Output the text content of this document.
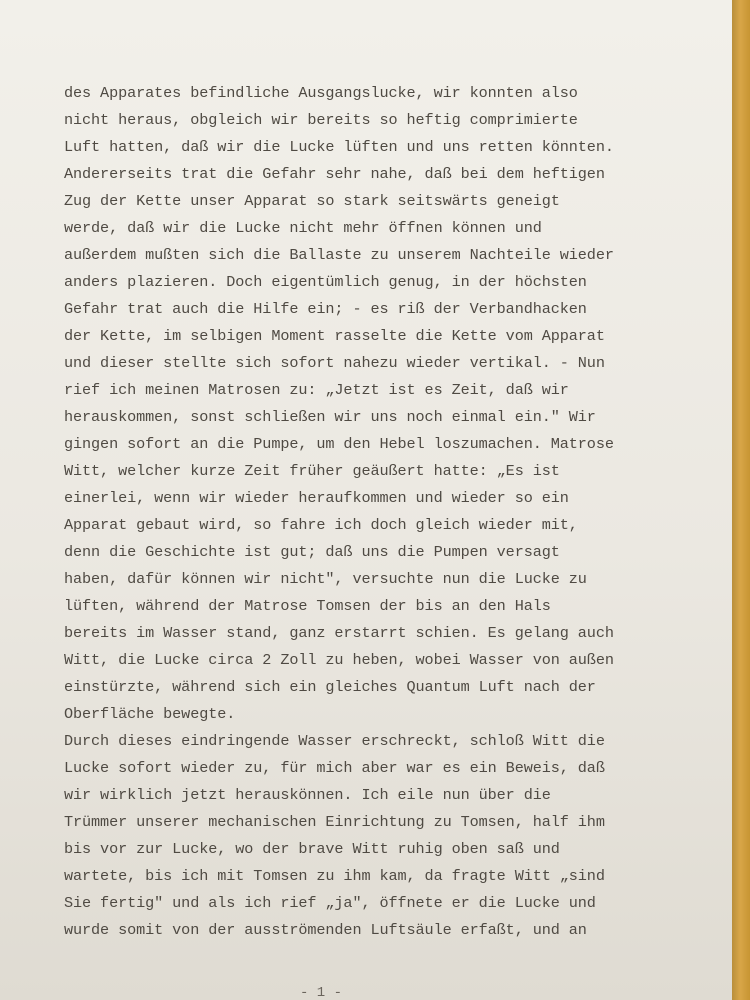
des Apparates befindliche Ausgangslucke, wir konnten also
nicht heraus, obgleich wir bereits so heftig comprimierte
Luft hatten, daß wir die Lucke lüften und uns retten könnten.
Andererseits trat die Gefahr sehr nahe, daß bei dem heftigen
Zug der Kette unser Apparat so stark seitswärts geneigt
werde, daß wir die Lucke nicht mehr öffnen können und
außerdem mußten sich die Ballaste zu unserem Nachteile wieder
anders plazieren. Doch eigentümlich genug, in der höchsten
Gefahr trat auch die Hilfe ein; - es riß der Verbandhacken
der Kette, im selbigen Moment rasselte die Kette vom Apparat
und dieser stellte sich sofort nahezu wieder vertikal. - Nun
rief ich meinen Matrosen zu: „Jetzt ist es Zeit, daß wir
herauskommen, sonst schließen wir uns noch einmal ein." Wir
gingen sofort an die Pumpe, um den Hebel loszumachen. Matrose
Witt, welcher kurze Zeit früher geäußert hatte: „Es ist
einerlei, wenn wir wieder heraufkommen und wieder so ein
Apparat gebaut wird, so fahre ich doch gleich wieder mit,
denn die Geschichte ist gut; daß uns die Pumpen versagt
haben, dafür können wir nicht", versuchte nun die Lucke zu
lüften, während der Matrose Tomsen der bis an den Hals
bereits im Wasser stand, ganz erstarrt schien. Es gelang auch
Witt, die Lucke circa 2 Zoll zu heben, wobei Wasser von außen
einstürzte, während sich ein gleiches Quantum Luft nach der
Oberfläche bewegte.
Durch dieses eindringende Wasser erschreckt, schloß Witt die
Lucke sofort wieder zu, für mich aber war es ein Beweis, daß
wir wirklich jetzt herauskönnen. Ich eile nun über die
Trümmer unserer mechanischen Einrichtung zu Tomsen, half ihm
bis vor zur Lucke, wo der brave Witt ruhig oben saß und
wartete, bis ich mit Tomsen zu ihm kam, da fragte Witt „sind
Sie fertig" und als ich rief „ja", öffnete er die Lucke und
wurde somit von der ausströmenden Luftsäule erfaßt, und an
- 1 -
